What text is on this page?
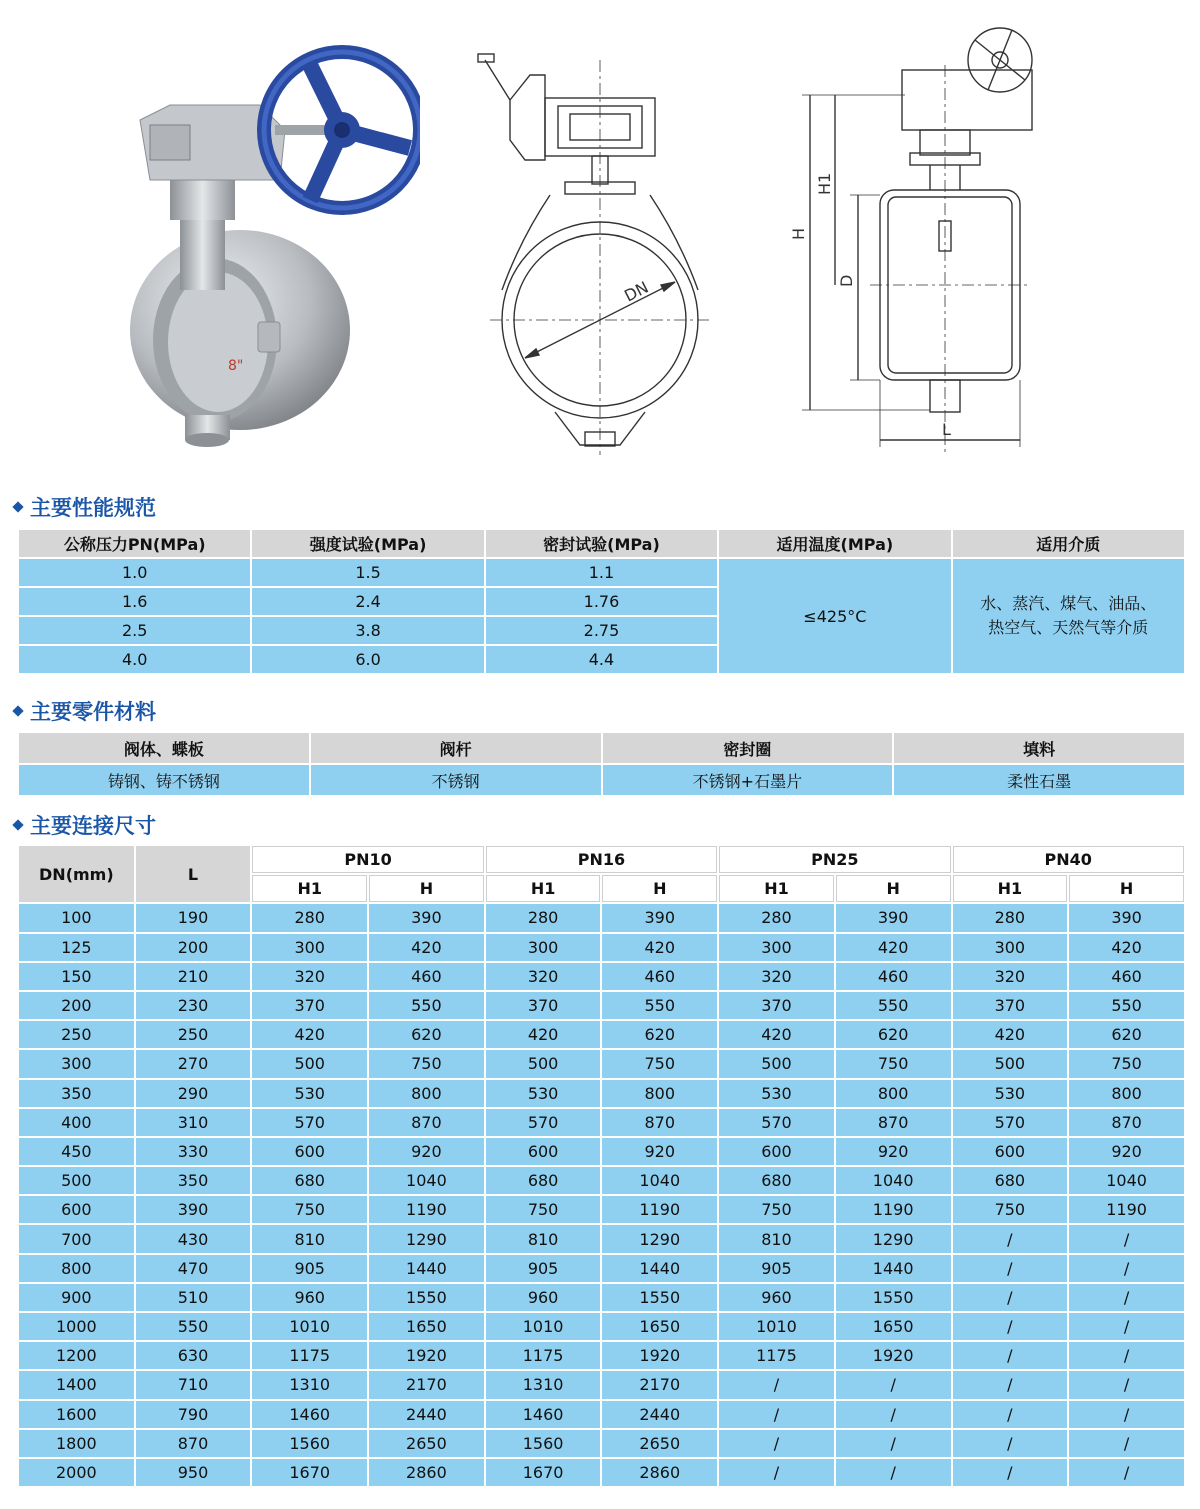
8"
DN
H
H1
D
L
主要性能规范
公称压力PN(MPa)	强度试验(MPa)	密封试验(MPa)	适用温度(MPa)	适用介质
1.0	1.5	1.1	≤425°C	水、蒸汽、煤气、油品、
热空气、天然气等介质

1.6	2.4	1.76		
2.5	3.8	2.75		
4.0	6.0	4.4		
主要零件材料
阀体、蝶板	阀杆	密封圈	填料
铸钢、铸不锈钢	不锈钢	不锈钢+石墨片	柔性石墨
主要连接尺寸
DN(mm)	L	PN10		PN16		PN25		PN40	
		H1	H	H1	H	H1	H	H1	H
100	190	280	390	280	390	280	390	280	390
125	200	300	420	300	420	300	420	300	420
150	210	320	460	320	460	320	460	320	460
200	230	370	550	370	550	370	550	370	550
250	250	420	620	420	620	420	620	420	620
300	270	500	750	500	750	500	750	500	750
350	290	530	800	530	800	530	800	530	800
400	310	570	870	570	870	570	870	570	870
450	330	600	920	600	920	600	920	600	920
500	350	680	1040	680	1040	680	1040	680	1040
600	390	750	1190	750	1190	750	1190	750	1190
700	430	810	1290	810	1290	810	1290	/	/
800	470	905	1440	905	1440	905	1440	/	/
900	510	960	1550	960	1550	960	1550	/	/
1000	550	1010	1650	1010	1650	1010	1650	/	/
1200	630	1175	1920	1175	1920	1175	1920	/	/
1400	710	1310	2170	1310	2170	/	/	/	/
1600	790	1460	2440	1460	2440	/	/	/	/
1800	870	1560	2650	1560	2650	/	/	/	/
2000	950	1670	2860	1670	2860	/	/	/	/
